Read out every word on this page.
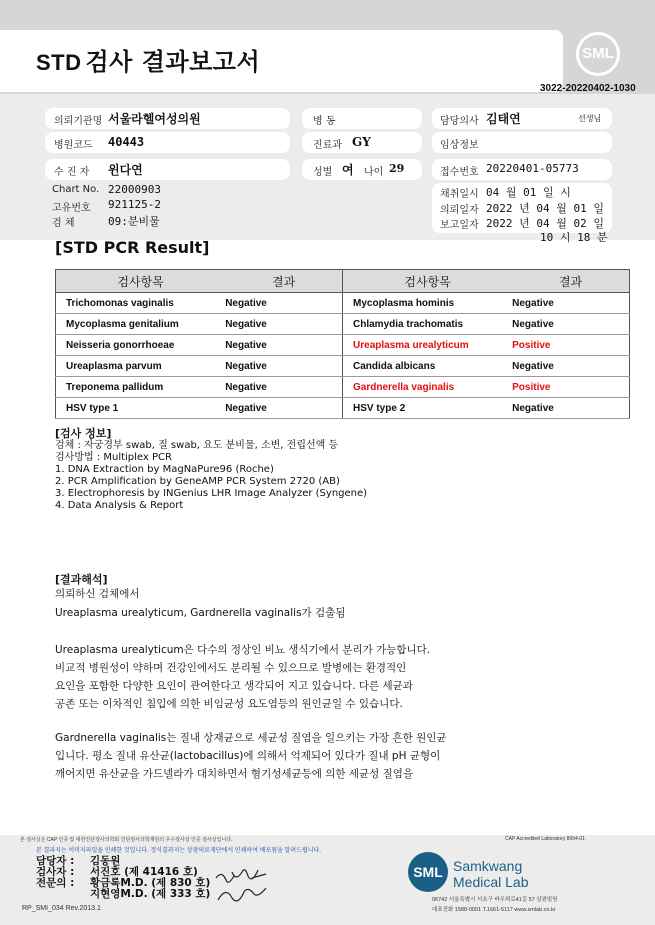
STD 검사 결과보고서	SML
3022-20220402-1030
의뢰기관명 서울라헬여성의원	병 동	담당의사 김태연	선생님
병원코드 40443	진료과 GY	임상정보
수 진 자 윈다연	성별 여 나이 29	접수번호 20220401-05773
Chart No. 22000903
고유번호 921125-2
검 체	09:분비물
채취일시 04 월 01 일 시
의뢰일자 2022 년 04 월 01 일
보고일자 2022 년 04 월 02 일
10 시 18 분
[STD PCR Result]
검사항목	결과	검사항목	결과
Trichomonas vaginalis	Negative	Mycoplasma hominis	Negative
Mycoplasma genitalium	Negative	Chlamydia trachomatis	Negative
Neisseria gonorrhoeae	Negative	Ureaplasma urealyticum	Positive
Ureaplasma parvum	Negative	Candida albicans	Negative
Treponema pallidum	Negative	Gardnerella vaginalis	Positive
HSV type 1	Negative	HSV type 2	Negative
[검사 정보]
검체 : 자궁경부 swab, 질 swab, 요도 분비물, 소변, 전립선액 등
검사방법 : Multiplex PCR
1. DNA Extraction by MagNaPure96 (Roche)
2. PCR Amplification by GeneAMP PCR System 2720 (AB)
3. Electrophoresis by INGenius LHR Image Analyzer (Syngene)
4. Data Analysis & Report
[결과해석]
의뢰하신 검체에서
Ureaplasma urealyticum, Gardnerella vaginalis가 검출됨
Ureaplasma urealyticum은 다수의 정상인 비뇨 생식기에서 분리가 가능합니다.
비교적 병원성이 약하며 건강인에서도 분리될 수 있으므로 발병에는 환경적인
요인을 포함한 다양한 요인이 관여한다고 생각되어 지고 있습니다. 다른 세균과
공존 또는 이차적인 침입에 의한 비임균성 요도염등의 원인균일 수 있습니다.
Gardnerella vaginalis는 질내 상재균으로 세균성 질염을 일으키는 가장 흔한 원인균
입니다. 평소 질내 유산균(lactobacillus)에 의해서 억제되어 있다가 질내 pH 균형이
깨어지면 유산균을 가드넬라가 대치하면서 혐기성세균등에 의한 세균성 질염을
본 검사실은 CAP 인증 및 대한진단검사의학회 진단검사의학재단의 우수검사실 인증 검사실입니다.	CAP Accredited Laboratory 8994-01
본 결과지는 이미지파일을 인쇄한 것입니다. 정식결과지는 상광의료재단에서 인쇄하여 배포됨을 알려드립니다.
담당자 :
검사자 :
전문의 :
김동원
서진호 (제 41416 호)
황금록M.D. (제 830 호)
지현영M.D. (제 333 호)
SML Samkwang
Medical Lab
06742 서울특별시 서초구 바우뫼로41길 57 삼광빌딩
대표전화 1588-0001 T.1661-5117 www.smlab.co.kr
RP_SMI_034 Rev.2013.1
